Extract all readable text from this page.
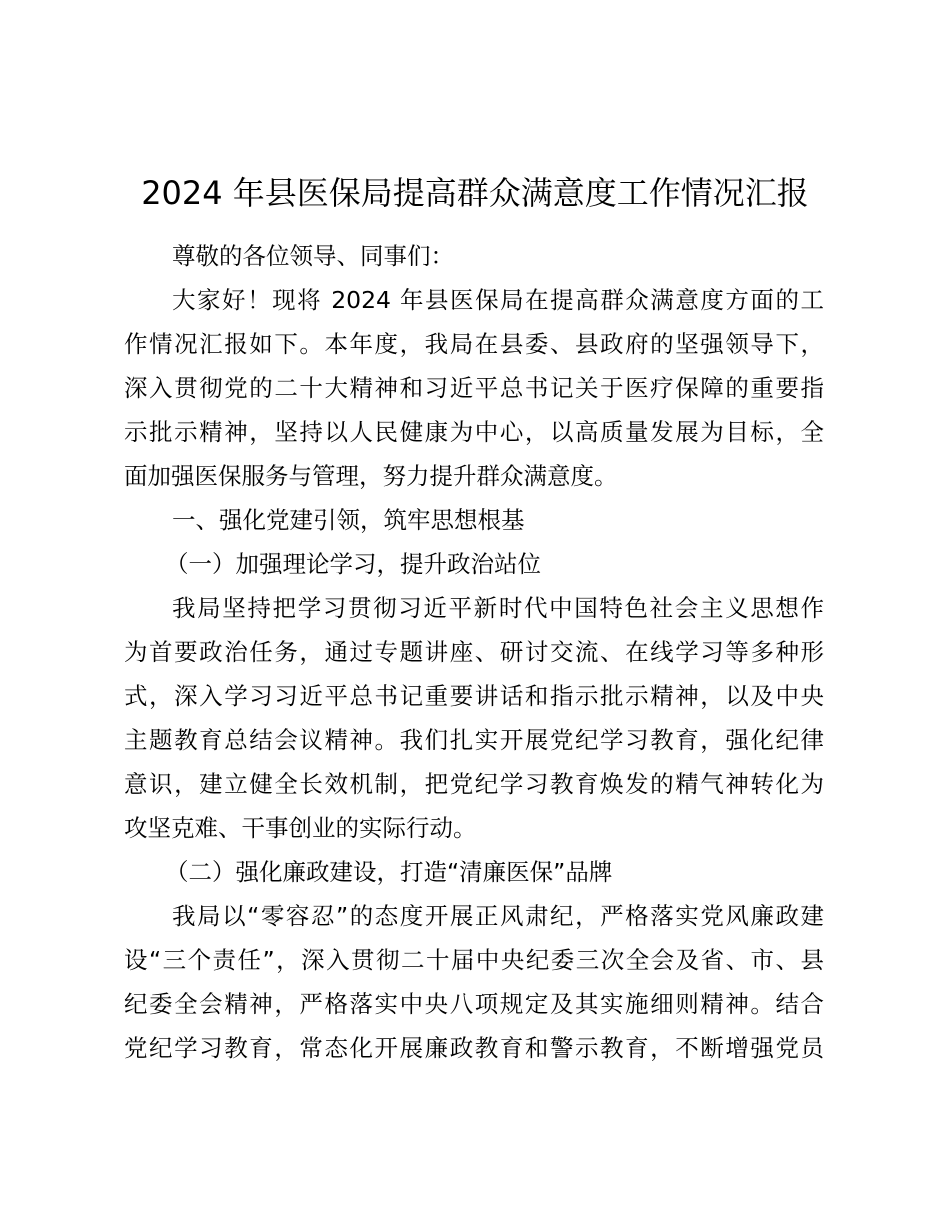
2024 年县医保局提高群众满意度工作情况汇报
尊敬的各位领导、同事们：
大家好！现将 2024 年县医保局在提高群众满意度方面的工
作情况汇报如下。本年度，我局在县委、县政府的坚强领导下，
深入贯彻党的二十大精神和习近平总书记关于医疗保障的重要指
示批示精神，坚持以人民健康为中心，以高质量发展为目标，全
面加强医保服务与管理，努力提升群众满意度。
一、强化党建引领，筑牢思想根基
（一）加强理论学习，提升政治站位
我局坚持把学习贯彻习近平新时代中国特色社会主义思想作
为首要政治任务，通过专题讲座、研讨交流、在线学习等多种形
式，深入学习习近平总书记重要讲话和指示批示精神，以及中央
主题教育总结会议精神。我们扎实开展党纪学习教育，强化纪律
意识，建立健全长效机制，把党纪学习教育焕发的精气神转化为
攻坚克难、干事创业的实际行动。
（二）强化廉政建设，打造“清廉医保”品牌
我局以“零容忍”的态度开展正风肃纪，严格落实党风廉政建
设“三个责任”，深入贯彻二十届中央纪委三次全会及省、市、县
纪委全会精神，严格落实中央八项规定及其实施细则精神。结合
党纪学习教育，常态化开展廉政教育和警示教育，不断增强党员
